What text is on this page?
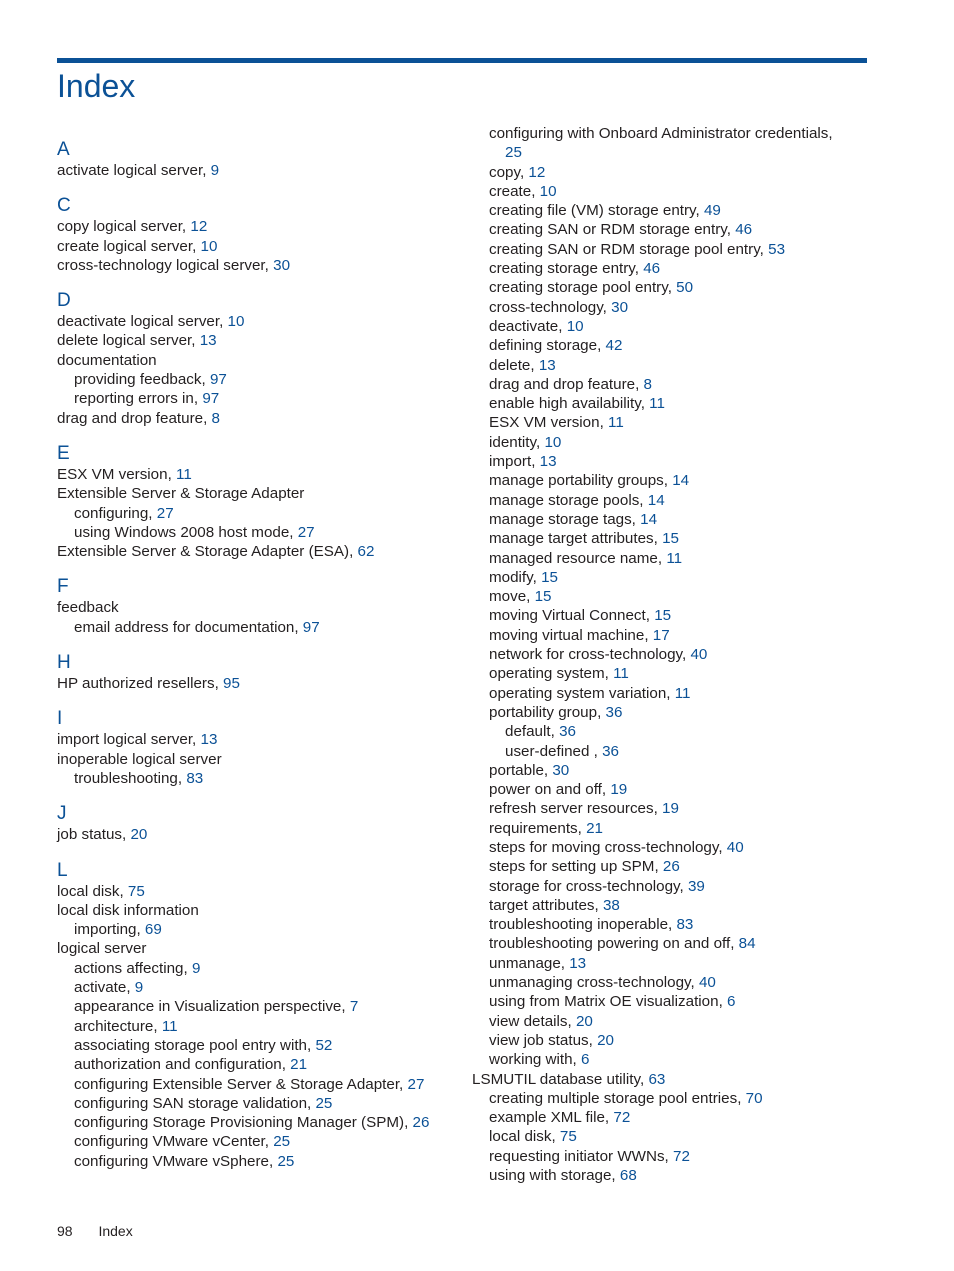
Index
A
activate logical server, 9
C
copy logical server, 12
create logical server, 10
cross-technology logical server, 30
D
deactivate logical server, 10
delete logical server, 13
documentation
providing feedback, 97
reporting errors in, 97
drag and drop feature, 8
E
ESX VM version, 11
Extensible Server & Storage Adapter
configuring, 27
using Windows 2008 host mode, 27
Extensible Server & Storage Adapter (ESA), 62
F
feedback
email address for documentation, 97
H
HP authorized resellers, 95
I
import logical server, 13
inoperable logical server
troubleshooting, 83
J
job status, 20
L
local disk, 75
local disk information
importing, 69
logical server
actions affecting, 9
activate, 9
appearance in Visualization perspective, 7
architecture, 11
associating storage pool entry with, 52
authorization and configuration, 21
configuring Extensible Server & Storage Adapter, 27
configuring SAN storage validation, 25
configuring Storage Provisioning Manager (SPM), 26
configuring VMware vCenter, 25
configuring VMware vSphere, 25
configuring with Onboard Administrator credentials,
25
copy, 12
create, 10
creating file (VM) storage entry, 49
creating SAN or RDM storage entry, 46
creating SAN or RDM storage pool entry, 53
creating storage entry, 46
creating storage pool entry, 50
cross-technology, 30
deactivate, 10
defining storage, 42
delete, 13
drag and drop feature, 8
enable high availability, 11
ESX VM version, 11
identity, 10
import, 13
manage portability groups, 14
manage storage pools, 14
manage storage tags, 14
manage target attributes, 15
managed resource name, 11
modify, 15
move, 15
moving Virtual Connect, 15
moving virtual machine, 17
network for cross-technology, 40
operating system, 11
operating system variation, 11
portability group, 36
default, 36
user-defined , 36
portable, 30
power on and off, 19
refresh server resources, 19
requirements, 21
steps for moving cross-technology, 40
steps for setting up SPM, 26
storage for cross-technology, 39
target attributes, 38
troubleshooting inoperable, 83
troubleshooting powering on and off, 84
unmanage, 13
unmanaging cross-technology, 40
using from Matrix OE visualization, 6
view details, 20
view job status, 20
working with, 6
LSMUTIL database utility, 63
creating multiple storage pool entries, 70
example XML file, 72
local disk, 75
requesting initiator WWNs, 72
using with storage, 68
98 Index
